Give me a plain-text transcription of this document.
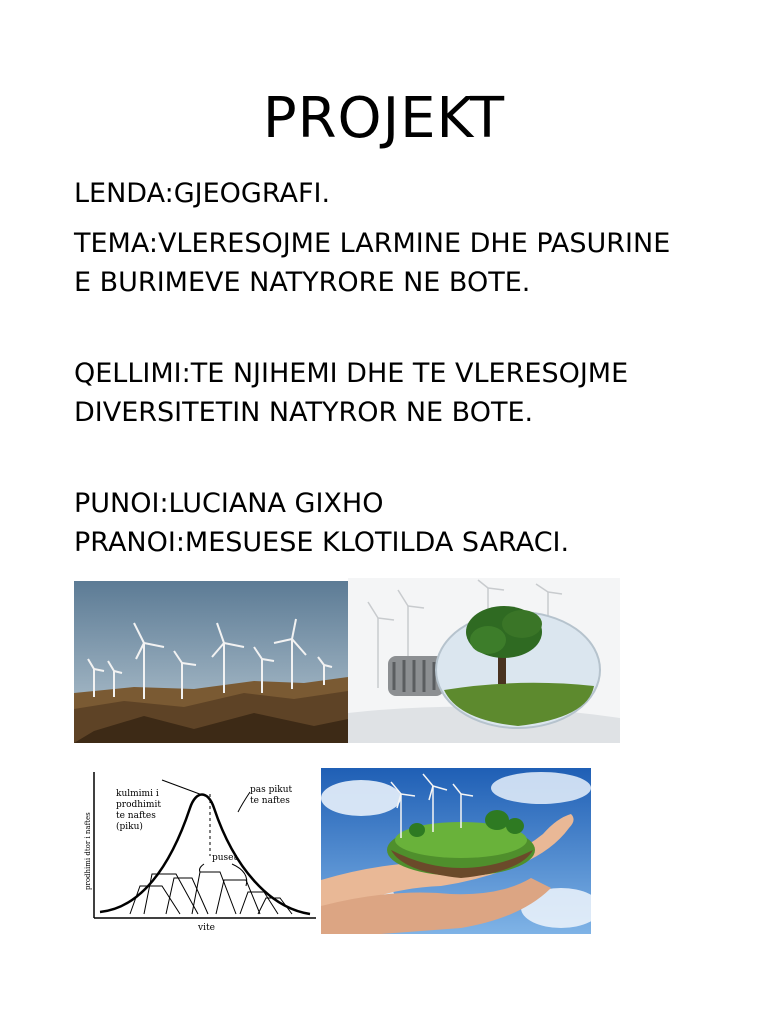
PROJEKT

LENDA:GJEOGRAFI.

TEMA:VLERESOJME LARMINE DHE PASURINE E BURIMEVE NATYRORE NE BOTE.

QELLIMI:TE NJIHEMI DHE TE VLERESOJME DIVERSITETIN NATYROR NE BOTE.

PUNOI:LUCIANA GIXHO

PRANOI:MESUESE KLOTILDA SARACI.

kulmimi i
prodhimit
te naftes
(piku)
pas pikut
te naftes
puset
prodhimi dtor i naftes
vite
